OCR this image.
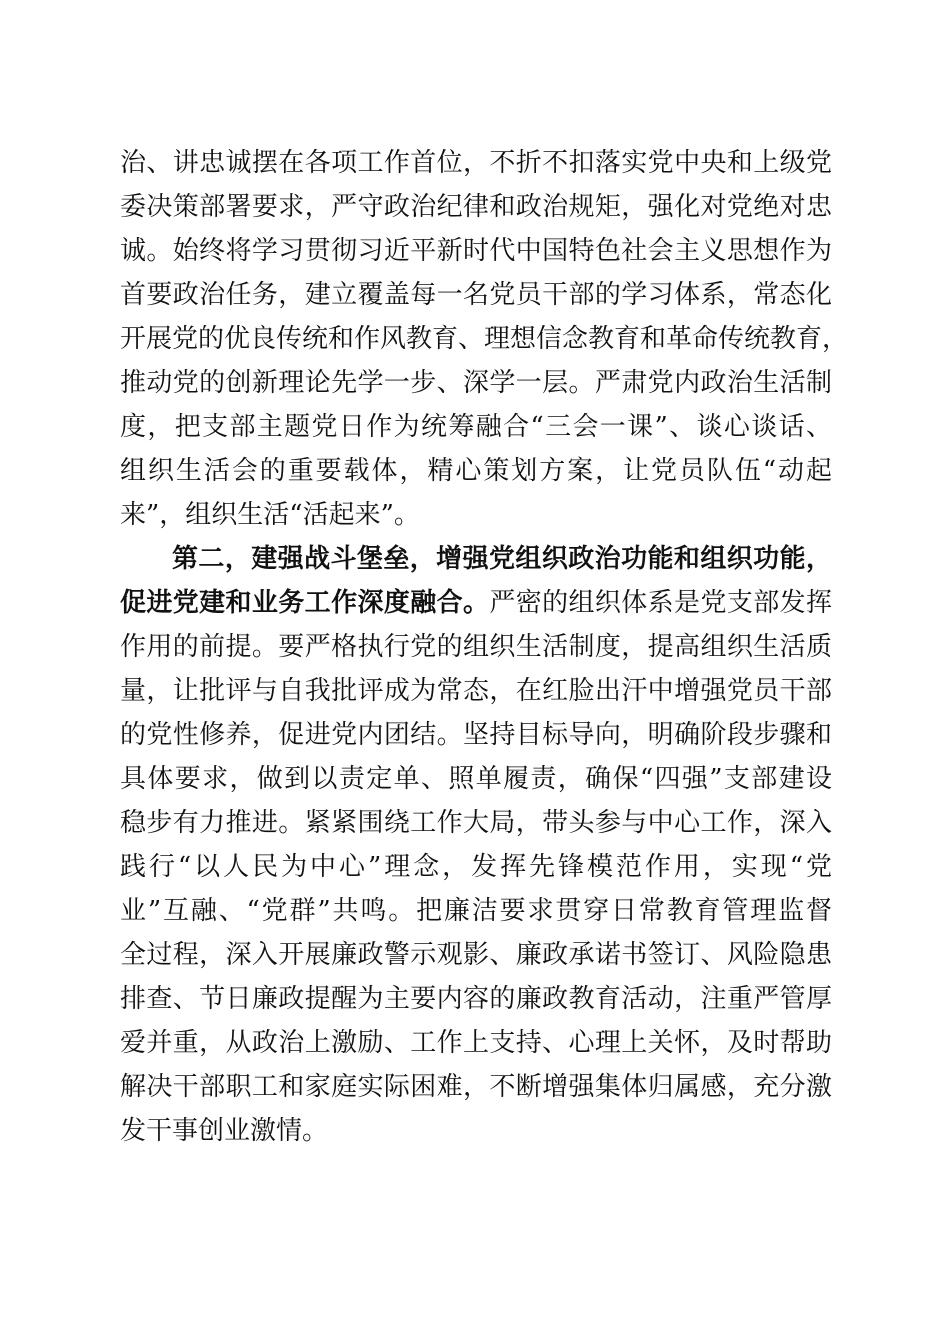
治、讲忠诚摆在各项工作首位，不折不扣落实党中央和上级党
委决策部署要求，严守政治纪律和政治规矩，强化对党绝对忠
诚。始终将学习贯彻习近平新时代中国特色社会主义思想作为
首要政治任务，建立覆盖每一名党员干部的学习体系，常态化
开展党的优良传统和作风教育、理想信念教育和革命传统教育，
推动党的创新理论先学一步、深学一层。严肃党内政治生活制
度，把支部主题党日作为统筹融合“三会一课”、谈心谈话、
组织生活会的重要载体，精心策划方案，让党员队伍“动起
来”，组织生活“活起来”。
第二，建强战斗堡垒，增强党组织政治功能和组织功能，
促进党建和业务工作深度融合。严密的组织体系是党支部发挥
作用的前提。要严格执行党的组织生活制度，提高组织生活质
量，让批评与自我批评成为常态，在红脸出汗中增强党员干部
的党性修养，促进党内团结。坚持目标导向，明确阶段步骤和
具体要求，做到以责定单、照单履责，确保“四强”支部建设
稳步有力推进。紧紧围绕工作大局，带头参与中心工作，深入
践行“以人民为中心”理念，发挥先锋模范作用，实现“党
业”互融、“党群”共鸣。把廉洁要求贯穿日常教育管理监督
全过程，深入开展廉政警示观影、廉政承诺书签订、风险隐患
排查、节日廉政提醒为主要内容的廉政教育活动，注重严管厚
爱并重，从政治上激励、工作上支持、心理上关怀，及时帮助
解决干部职工和家庭实际困难，不断增强集体归属感，充分激
发干事创业激情。
